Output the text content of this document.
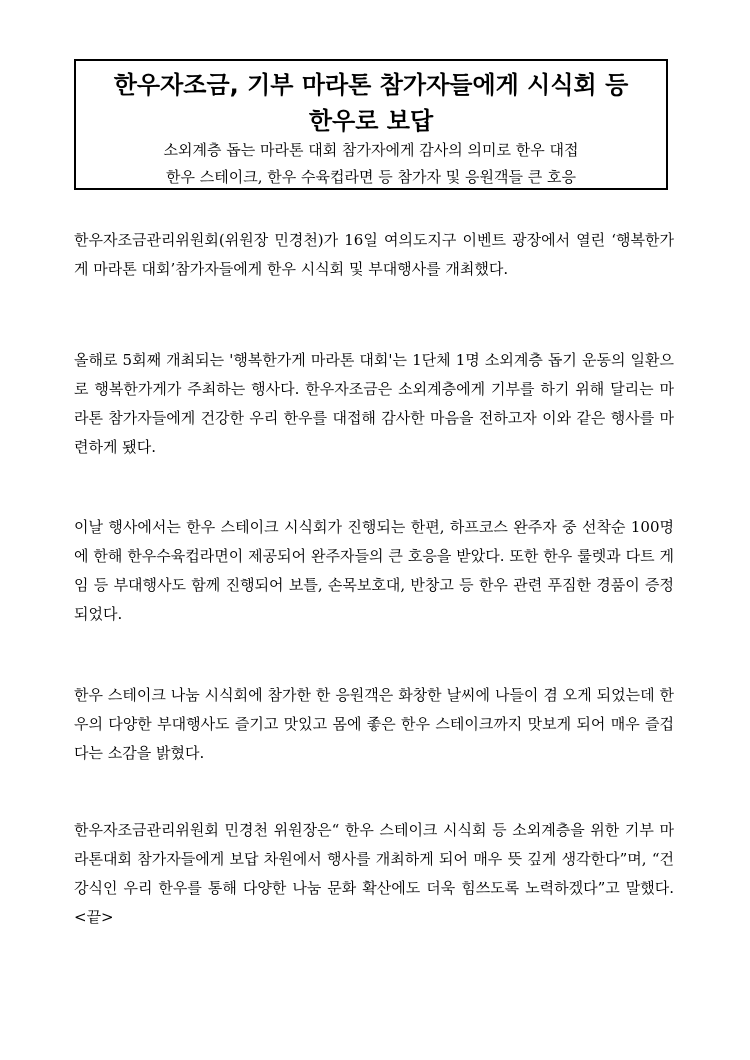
한우자조금, 기부 마라톤 참가자들에게 시식회 등
한우로 보답
소외계층 돕는 마라톤 대회 참가자에게 감사의 의미로 한우 대접
한우 스테이크, 한우 수육컵라면 등 참가자 및 응원객들 큰 호응
한우자조금관리위원회(위원장 민경천)가 16일 여의도지구 이벤트 광장에서 열린 ‘행복한가게 마라톤 대회’참가자들에게 한우 시식회 및 부대행사를 개최했다.
올해로 5회째 개최되는 '행복한가게 마라톤 대회'는 1단체 1명 소외계층 돕기 운동의 일환으로 행복한가게가 주최하는 행사다. 한우자조금은 소외계층에게 기부를 하기 위해 달리는 마라톤 참가자들에게 건강한 우리 한우를 대접해 감사한 마음을 전하고자 이와 같은 행사를 마련하게 됐다.
이날 행사에서는 한우 스테이크 시식회가 진행되는 한편, 하프코스 완주자 중 선착순 100명에 한해 한우수육컵라면이 제공되어 완주자들의 큰 호응을 받았다. 또한 한우 룰렛과 다트 게임 등 부대행사도 함께 진행되어 보틀, 손목보호대, 반창고 등 한우 관련 푸짐한 경품이 증정되었다.
한우 스테이크 나눔 시식회에 참가한 한 응원객은 화창한 날씨에 나들이 겸 오게 되었는데 한우의 다양한 부대행사도 즐기고 맛있고 몸에 좋은 한우 스테이크까지 맛보게 되어 매우 즐겁다는 소감을 밝혔다.
한우자조금관리위원회 민경천 위원장은“ 한우 스테이크 시식회 등 소외계층을 위한 기부 마라톤대회 참가자들에게 보답 차원에서 행사를 개최하게 되어 매우 뜻 깊게 생각한다”며, “건강식인 우리 한우를 통해 다양한 나눔 문화 확산에도 더욱 힘쓰도록 노력하겠다”고 말했다. <끝>
